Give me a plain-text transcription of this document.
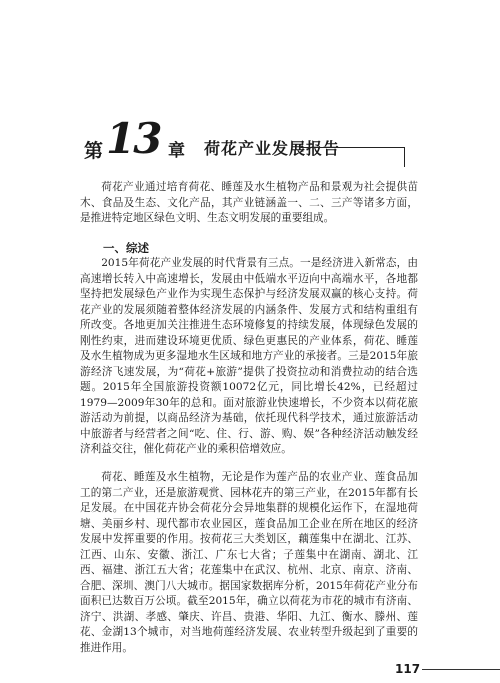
第 13 章 荷花产业发展报告

荷花产业通过培育荷花、睡莲及水生植物产品和景观为社会提供苗木、食品及生态、文化产品，其产业链涵盖一、二、三产等诸多方面，是推进特定地区绿色文明、生态文明发展的重要组成。

一、综述

2015年荷花产业发展的时代背景有三点。一是经济进入新常态，由高速增长转入中高速增长，发展由中低端水平迈向中高端水平，各地都坚持把发展绿色产业作为实现生态保护与经济发展双赢的核心支持。荷花产业的发展须随着整体经济发展的内涵条件、发展方式和结构重组有所改变。各地更加关注推进生态环境修复的持续发展，体现绿色发展的刚性约束，进而建设环境更优质、绿色更惠民的产业体系，荷花、睡莲及水生植物成为更多湿地水生区域和地方产业的承接者。三是2015年旅游经济飞速发展，为“荷花+旅游”提供了投资拉动和消费拉动的结合选题。2015年全国旅游投资额10072亿元，同比增长42%，已经超过1979—2009年30年的总和。面对旅游业快速增长，不少资本以荷花旅游活动为前提，以商品经济为基础，依托现代科学技术，通过旅游活动中旅游者与经营者之间“吃、住、行、游、购、娱”各种经济活动触发经济利益交往，催化荷花产业的乘积倍增效应。

荷花、睡莲及水生植物，无论是作为莲产品的农业产业、莲食品加工的第二产业，还是旅游观赏、园林花卉的第三产业，在2015年都有长足发展。在中国花卉协会荷花分会异地集群的规模化运作下，在湿地荷塘、美丽乡村、现代都市农业园区，莲食品加工企业在所在地区的经济发展中发挥重要的作用。按荷花三大类划区，藕莲集中在湖北、江苏、江西、山东、安徽、浙江、广东七大省；子莲集中在湖南、湖北、江西、福建、浙江五大省；花莲集中在武汉、杭州、北京、南京、济南、合肥、深圳、澳门八大城市。据国家数据库分析，2015年荷花产业分布面积已达数百万公顷。截至2015年，确立以荷花为市花的城市有济南、济宁、洪湖、孝感、肇庆、许昌、贵港、华阳、九江、衡水、滕州、莲花、金湖13个城市，对当地荷莲经济发展、农业转型升级起到了重要的推进作用。

117
